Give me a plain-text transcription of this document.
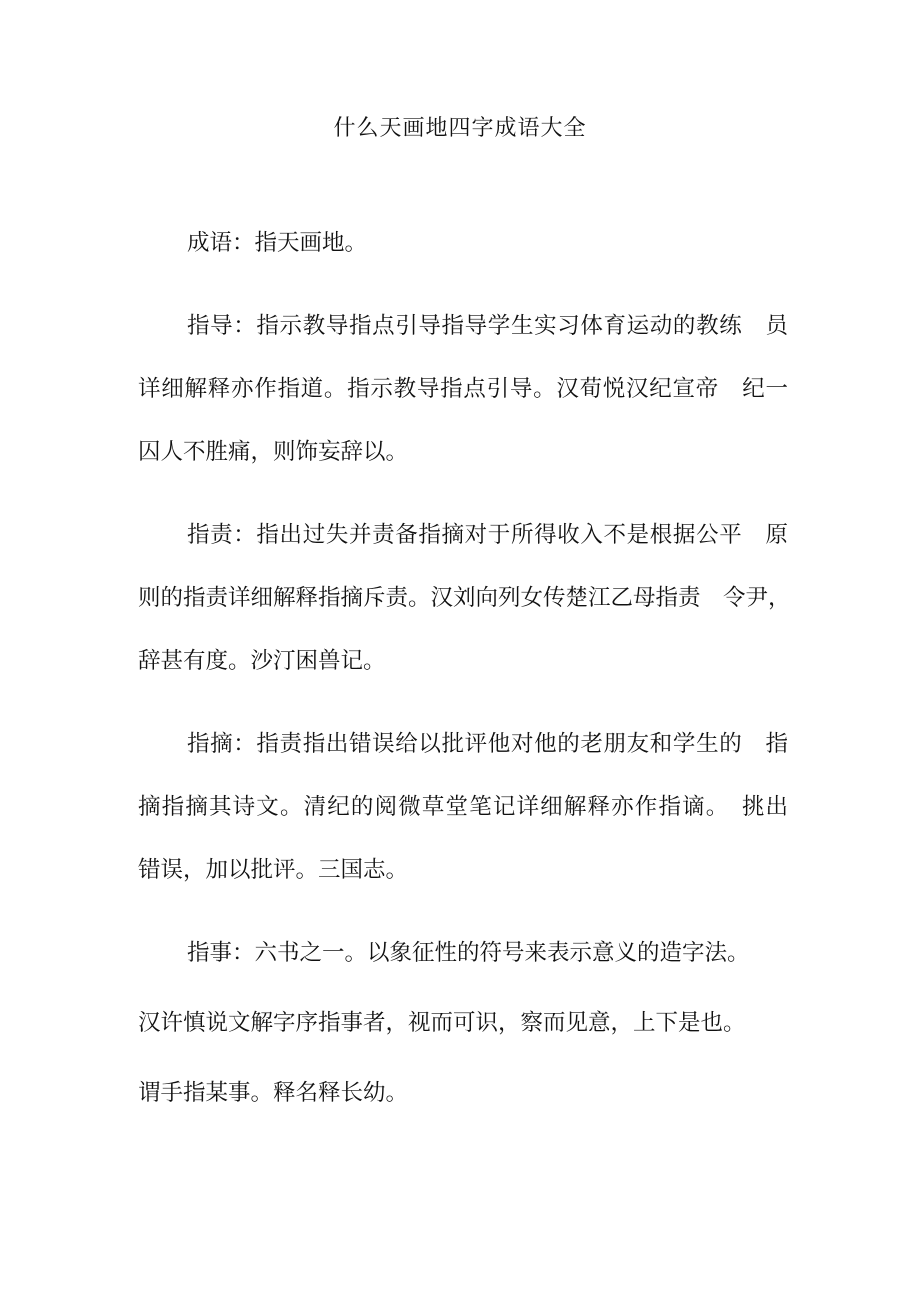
什么天画地四字成语大全

成语：指天画地。

指导：指示教导指点引导指导学生实习体育运动的教练　员

详细解释亦作指道。指示教导指点引导。汉荀悦汉纪宣帝　纪一

囚人不胜痛，则饰妄辞以。

指责：指出过失并责备指摘对于所得收入不是根据公平　原

则的指责详细解释指摘斥责。汉刘向列女传楚江乙母指责　令尹，

辞甚有度。沙汀困兽记。

指摘：指责指出错误给以批评他对他的老朋友和学生的　指

摘指摘其诗文。清纪的阅微草堂笔记详细解释亦作指谪。　挑出

错误，加以批评。三国志。

指事：六书之一。以象征性的符号来表示意义的造字法。

汉许慎说文解字序指事者，视而可识，察而见意，上下是也。

谓手指某事。释名释长幼。
